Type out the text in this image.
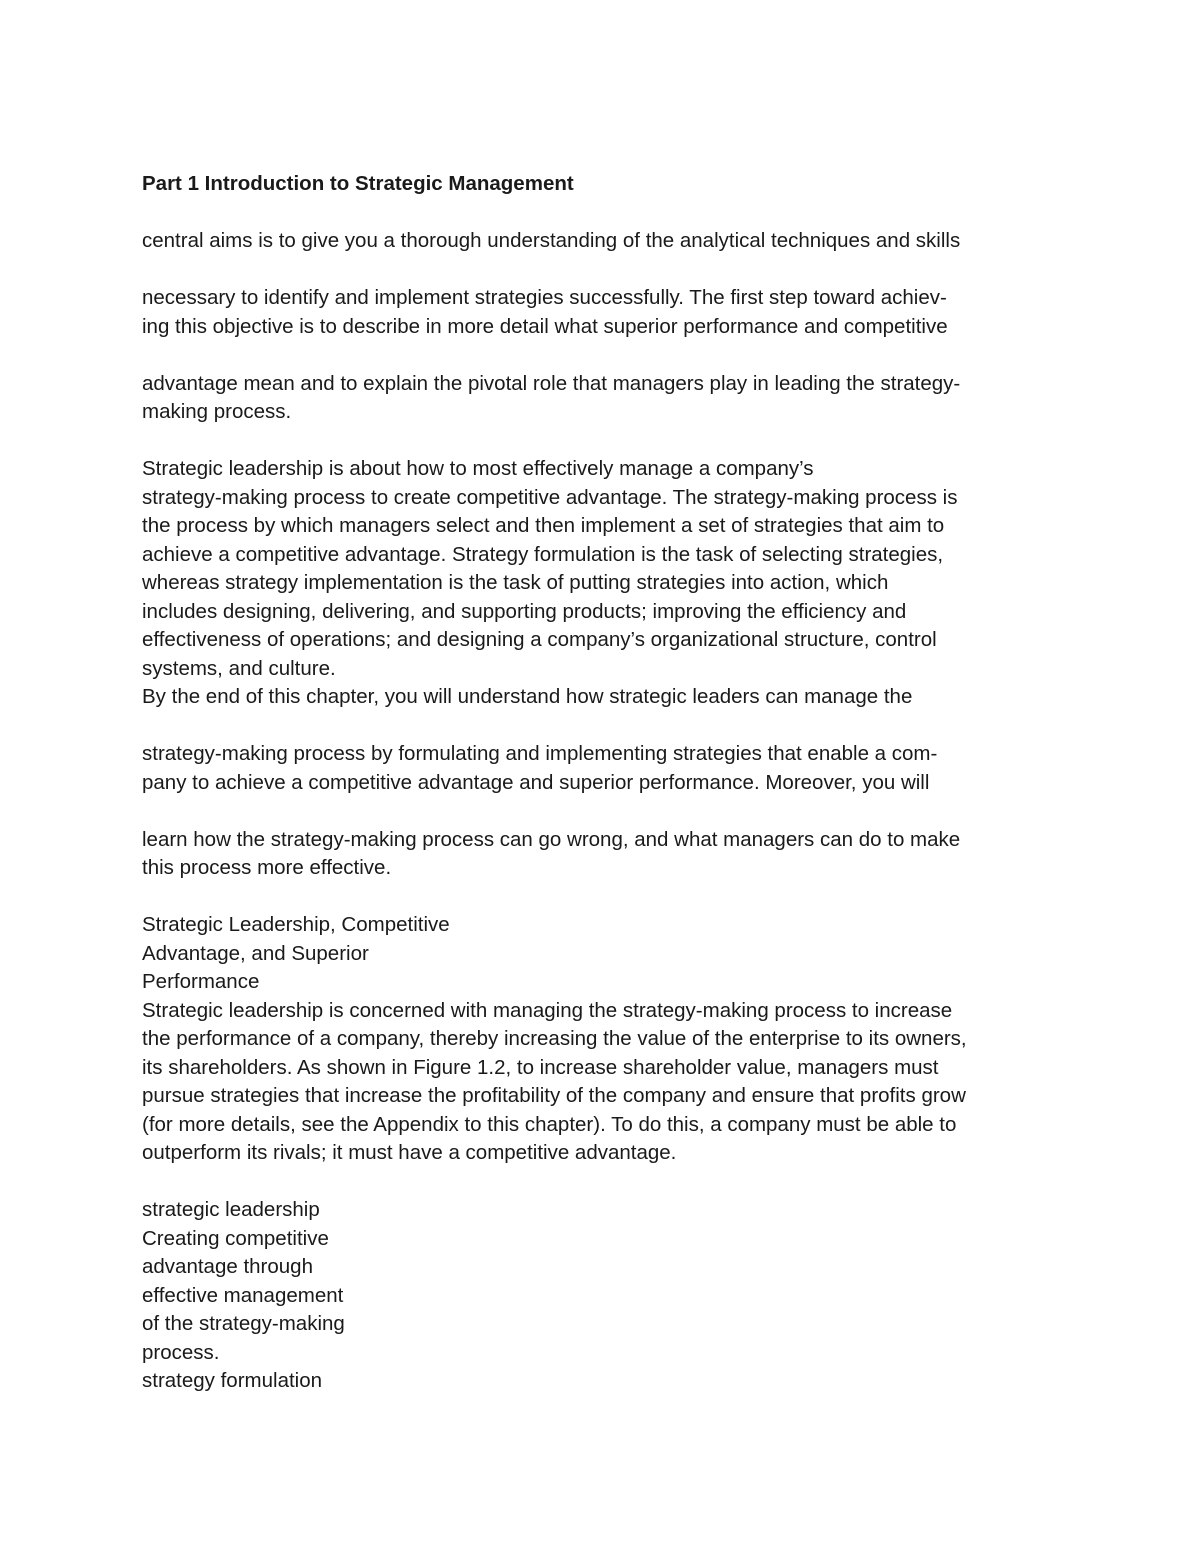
Part 1 Introduction to Strategic Management
central aims is to give you a thorough understanding of the analytical techniques and skills
necessary to identify and implement strategies successfully. The first step toward achiev-
ing this objective is to describe in more detail what superior performance and competitive
advantage mean and to explain the pivotal role that managers play in leading the strategy-
making process.
Strategic leadership is about how to most effectively manage a company’s
strategy-making process to create competitive advantage. The strategy-making process is
the process by which managers select and then implement a set of strategies that aim to
achieve a competitive advantage. Strategy formulation is the task of selecting strategies,
whereas strategy implementation is the task of putting strategies into action, which
includes designing, delivering, and supporting products; improving the efficiency and
effectiveness of operations; and designing a company’s organizational structure, control
systems, and culture.
By the end of this chapter, you will understand how strategic leaders can manage the
strategy-making process by formulating and implementing strategies that enable a com-
pany to achieve a competitive advantage and superior performance. Moreover, you will
learn how the strategy-making process can go wrong, and what managers can do to make
this process more effective.
Strategic Leadership, Competitive
Advantage, and Superior
Performance
Strategic leadership is concerned with managing the strategy-making process to increase
the performance of a company, thereby increasing the value of the enterprise to its owners,
its shareholders. As shown in Figure 1.2, to increase shareholder value, managers must
pursue strategies that increase the profitability of the company and ensure that profits grow
(for more details, see the Appendix to this chapter). To do this, a company must be able to
outperform its rivals; it must have a competitive advantage.
strategic leadership
Creating competitive
advantage through
effective management
of the strategy-making
process.
strategy formulation
